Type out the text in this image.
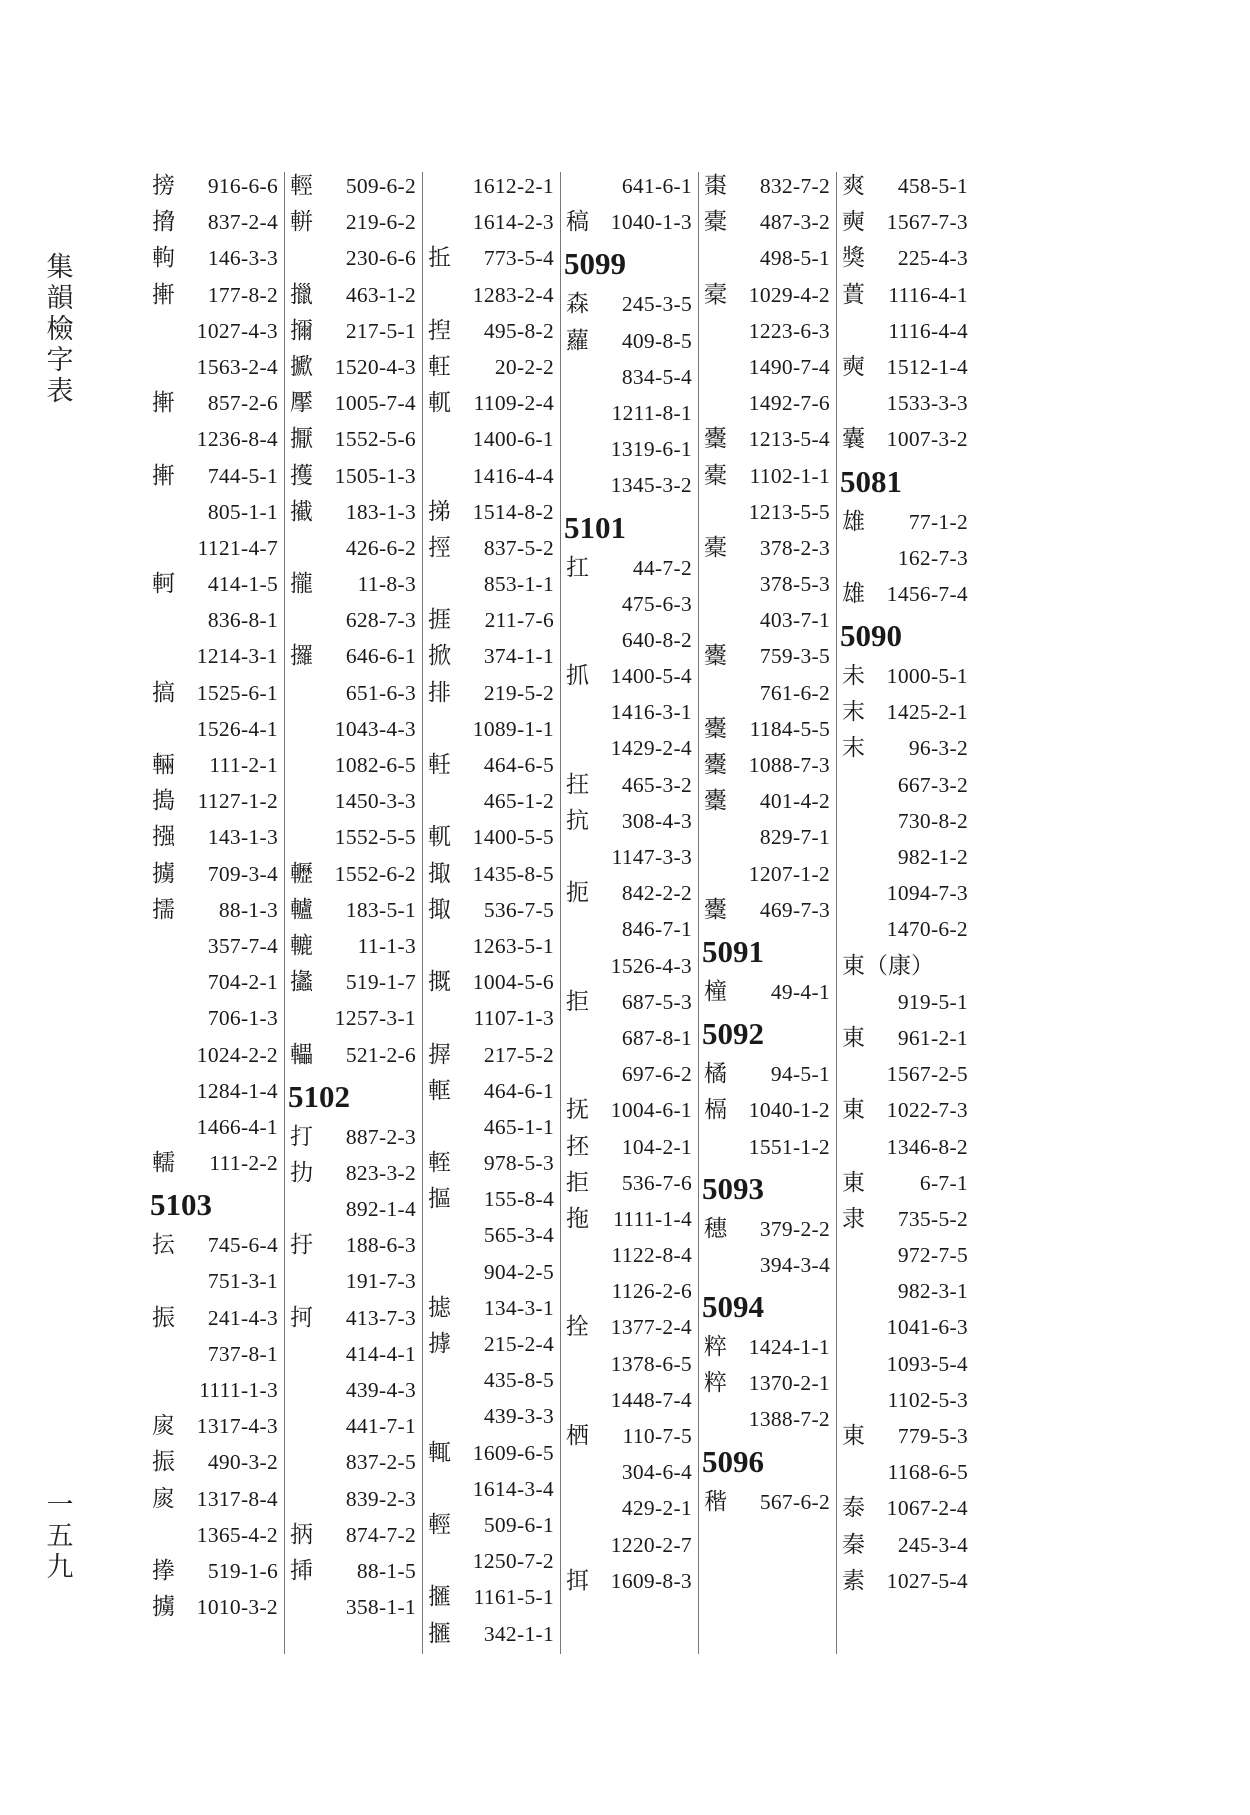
集
韻
檢
字
表
一
五
九
搒 916-6-6
搚 837-2-4
軥 146-3-3
搟 177-8-2
1027-4-3
1563-2-4
搟 857-2-6
1236-8-4
搟 744-5-1
805-1-1
1121-4-7
軻 414-1-5
836-8-1
1214-3-1
搞 1525-6-1
1526-4-1
輛 111-2-1
搗 1127-1-2
摾 143-1-3
擄 709-3-4
擩 88-1-3
357-7-4
704-2-1
706-1-3
1024-2-2
1284-1-4
1466-4-1
轜 111-2-2
5103
抎 745-6-4
751-3-1
振 241-4-3
737-8-1
1111-1-3
扊 1317-4-3
振 490-3-2
扊 1317-8-4
1365-4-2
搼 519-1-6
擄 1010-3-2
輕 509-6-2
軿 219-6-2
230-6-6
擸 463-1-2
擟 217-5-1
擨 1520-4-3
擪 1005-7-4
擫 1552-5-6
擭 1505-1-3
擮 183-1-3
426-6-2
攏 11-8-3
628-7-3
攞 646-6-1
651-6-3
1043-4-3
1082-6-5
1450-3-3
1552-5-5
轣 1552-6-2
轤 183-5-1
轆 11-1-3
攭 519-1-7
1257-3-1
轠 521-2-6
5102
打 887-2-3
扐 823-3-2
892-1-4
扜 188-6-3
191-7-3
抲 413-7-3
414-4-1
439-4-3
441-7-1
837-2-5
839-2-3
抦 874-7-2
揷 88-1-5
358-1-1
1612-2-1
1614-2-3
拞 773-5-4
1283-2-4
揑 495-8-2
軖 20-2-2
軏 1109-2-4
1400-6-1
1416-4-4
挮 1514-8-2
挳 837-5-2
853-1-1
捱 211-7-6
掀 374-1-1
排 219-5-2
1089-1-1
軠 464-6-5
465-1-2
軏 1400-5-5
掫 1435-8-5
掫 536-7-5
1263-5-1
摡 1004-5-6
1107-1-3
搱 217-5-2
軭 464-6-1
465-1-1
輊 978-5-3
摳 155-8-4
565-3-4
904-2-5
摅 134-3-1
摢 215-2-4
435-8-5
439-3-3
輒 1609-6-5
1614-3-4
輕 509-6-1
1250-7-2
擓 1161-5-1
擓 342-1-1
641-6-1
稿 1040-1-3
5099
森 245-3-5
蘿 409-8-5
834-5-4
1211-8-1
1319-6-1
1345-3-2
5101
扛 44-7-2
475-6-3
640-8-2
抓 1400-5-4
1416-3-1
1429-2-4
抂 465-3-2
抗 308-4-3
1147-3-3
扼 842-2-2
846-7-1
1526-4-3
拒 687-5-3
687-8-1
697-6-2
抚 1004-6-1
抷 104-2-1
拒 536-7-6
拖 1111-1-4
1122-8-4
1126-2-6
拴 1377-2-4
1378-6-5
1448-7-4
栖 110-7-5
304-6-4
429-2-1
1220-2-7
挕 1609-8-3
棗 832-7-2
橐 487-3-2
498-5-1
槖 1029-4-2
1223-6-3
1490-7-4
1492-7-6
櫜 1213-5-4
橐 1102-1-1
1213-5-5
橐 378-2-3
378-5-3
403-7-1
櫜 759-3-5
761-6-2
櫜 1184-5-5
櫜 1088-7-3
櫜 401-4-2
829-7-1
1207-1-2
櫜 469-7-3
5091
橦 49-4-1
5092
橘 94-5-1
槅 1040-1-2
1551-1-2
5093
穗 379-2-2
394-3-4
5094
粹 1424-1-1
粹 1370-2-1
1388-7-2
5096
稭 567-6-2
爽 458-5-1
奭 1567-7-3
獎 225-4-3
蕢 1116-4-1
1116-4-4
奭 1512-1-4
1533-3-3
囊 1007-3-2
5081
雄 77-1-2
162-7-3
雄 1456-7-4
5090
未 1000-5-1
末 1425-2-1
末 96-3-2
667-3-2
730-8-2
982-1-2
1094-7-3
1470-6-2
東（康）
919-5-1
東 961-2-1
1567-2-5
東 1022-7-3
1346-8-2
東	6-7-1
隶 735-5-2
972-7-5
982-3-1
1041-6-3
1093-5-4
1102-5-3
東 779-5-3
1168-6-5
泰 1067-2-4
秦 245-3-4
素 1027-5-4
